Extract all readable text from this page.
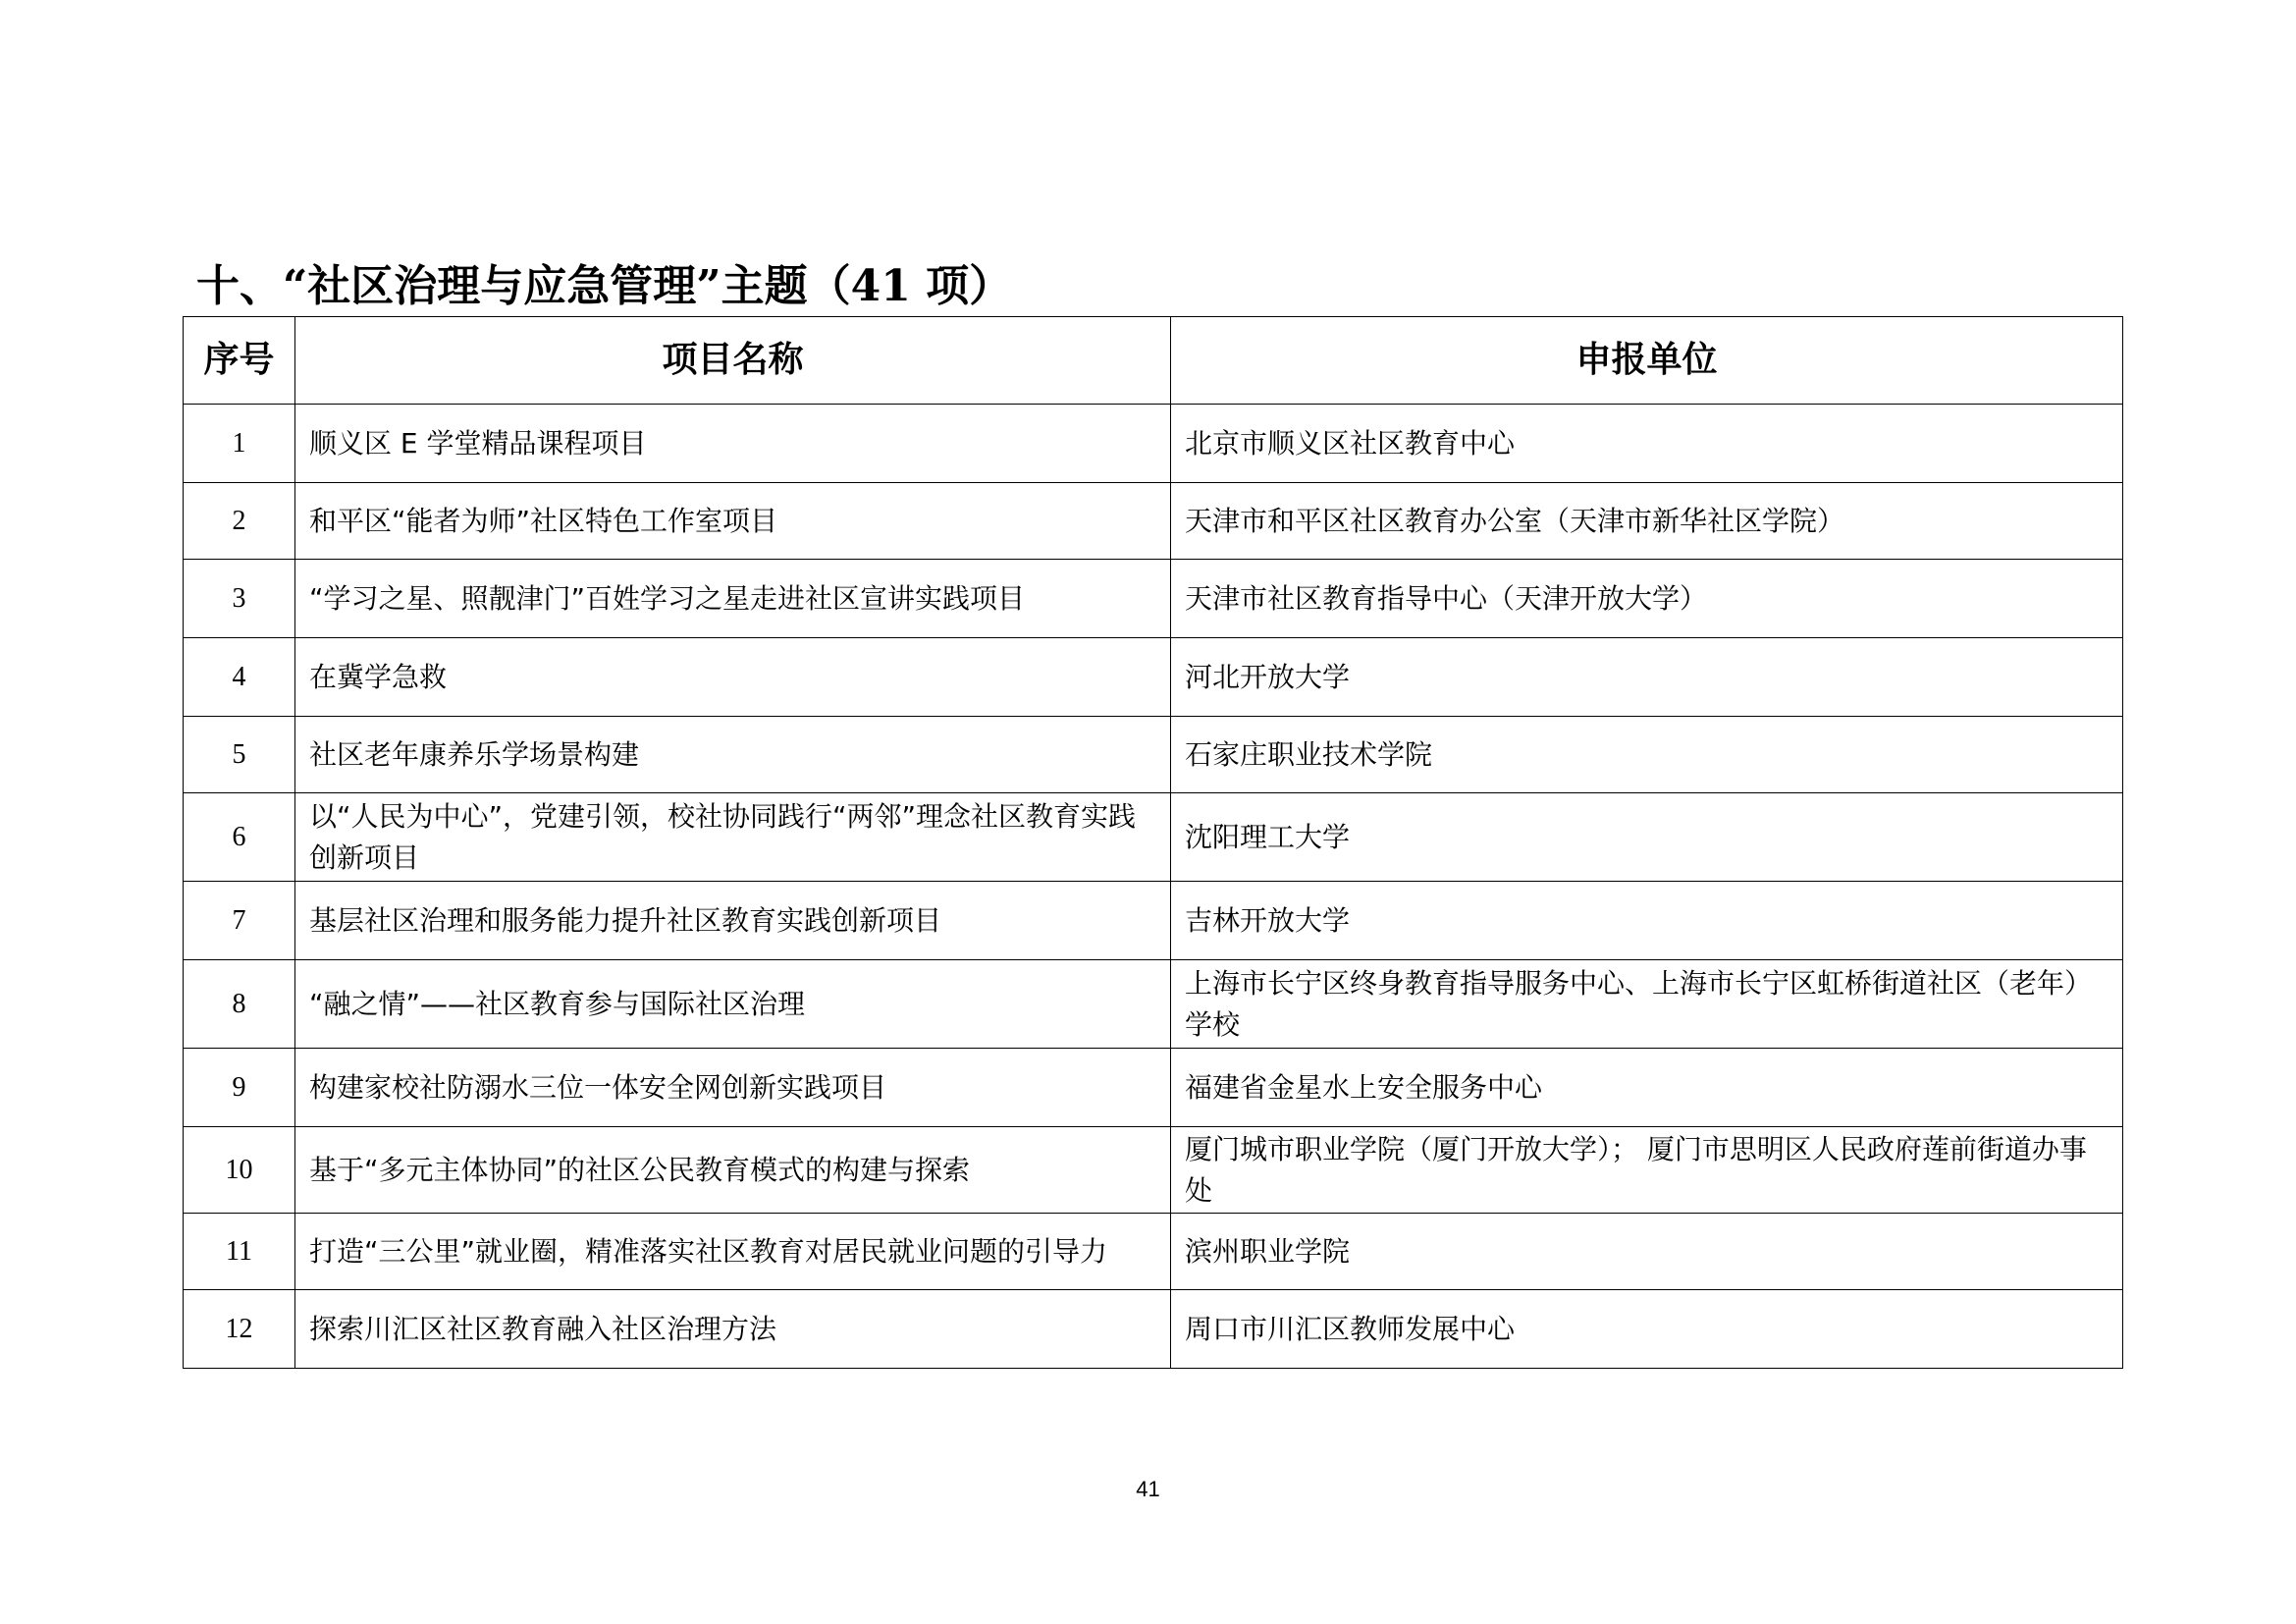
十、“社区治理与应急管理”主题（41 项）
序号	项目名称	申报单位
1	顺义区 E 学堂精品课程项目	北京市顺义区社区教育中心
2	和平区“能者为师”社区特色工作室项目	天津市和平区社区教育办公室（天津市新华社区学院）
3	“学习之星、照靓津门”百姓学习之星走进社区宣讲实践项目	天津市社区教育指导中心（天津开放大学）
4	在冀学急救	河北开放大学
5	社区老年康养乐学场景构建	石家庄职业技术学院
6	以“人民为中心”，党建引领，校社协同践行“两邻”理念社区教育实践创新项目	沈阳理工大学
7	基层社区治理和服务能力提升社区教育实践创新项目	吉林开放大学
8	“融之情”——社区教育参与国际社区治理	上海市长宁区终身教育指导服务中心、上海市长宁区虹桥街道社区（老年）学校
9	构建家校社防溺水三位一体安全网创新实践项目	福建省金星水上安全服务中心
10	基于“多元主体协同”的社区公民教育模式的构建与探索	厦门城市职业学院（厦门开放大学）； 厦门市思明区人民政府莲前街道办事处
11	打造“三公里”就业圈，精准落实社区教育对居民就业问题的引导力	滨州职业学院
12	探索川汇区社区教育融入社区治理方法	周口市川汇区教师发展中心
41
